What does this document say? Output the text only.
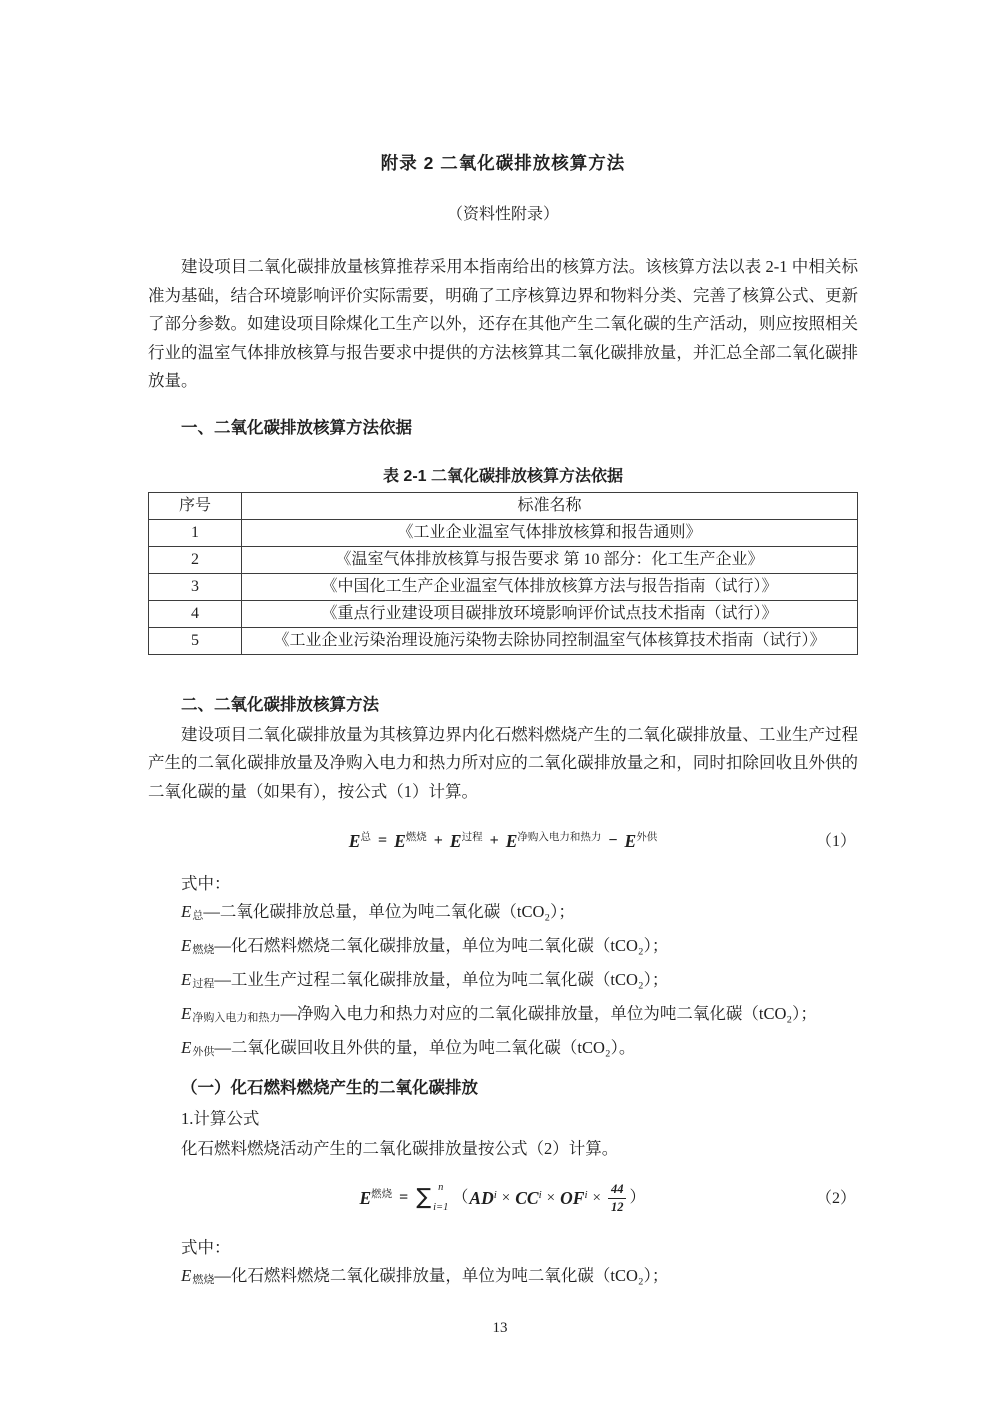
附录 2 二氧化碳排放核算方法
（资料性附录）

建设项目二氧化碳排放量核算推荐采用本指南给出的核算方法。该核算方法以表 2-1 中相关标准为基础，结合环境影响评价实际需要，明确了工序核算边界和物料分类、完善了核算公式、更新了部分参数。如建设项目除煤化工生产以外，还存在其他产生二氧化碳的生产活动，则应按照相关行业的温室气体排放核算与报告要求中提供的方法核算其二氧化碳排放量，并汇总全部二氧化碳排放量。

一、二氧化碳排放核算方法依据
表 2-1 二氧化碳排放核算方法依据
序号	标准名称
1	《工业企业温室气体排放核算和报告通则》
2	《温室气体排放核算与报告要求 第 10 部分：化工生产企业》
3	《中国化工生产企业温室气体排放核算方法与报告指南（试行）》
4	《重点行业建设项目碳排放环境影响评价试点技术指南（试行）》
5	《工业企业污染治理设施污染物去除协同控制温室气体核算技术指南（试行）》
二、二氧化碳排放核算方法

建设项目二氧化碳排放量为其核算边界内化石燃料燃烧产生的二氧化碳排放量、工业生产过程产生的二氧化碳排放量及净购入电力和热力所对应的二氧化碳排放量之和，同时扣除回收且外供的二氧化碳的量（如果有），按公式（1）计算。

E 总 = E 燃烧 + E 过程 + E 净购入电力和热力 − E 外供	（1）
式中：
E总—二氧化碳排放总量，单位为吨二氧化碳（tCO₂）；
E燃烧—化石燃料燃烧二氧化碳排放量，单位为吨二氧化碳（tCO₂）；
E过程—工业生产过程二氧化碳排放量，单位为吨二氧化碳（tCO₂）；
E净购入电力和热力—净购入电力和热力对应的二氧化碳排放量，单位为吨二氧化碳（tCO₂）；
E外供—二氧化碳回收且外供的量，单位为吨二氧化碳（tCO₂）。
（一）化石燃料燃烧产生的二氧化碳排放
1.计算公式
化石燃料燃烧活动产生的二氧化碳排放量按公式（2）计算。
E 燃烧 = ∑ n
i=1
（ AD i × CC i × OF $i \times \frac{44}{12}$ ）	（2）
式中：
E燃烧—化石燃料燃烧二氧化碳排放量，单位为吨二氧化碳（tCO₂）；
13
